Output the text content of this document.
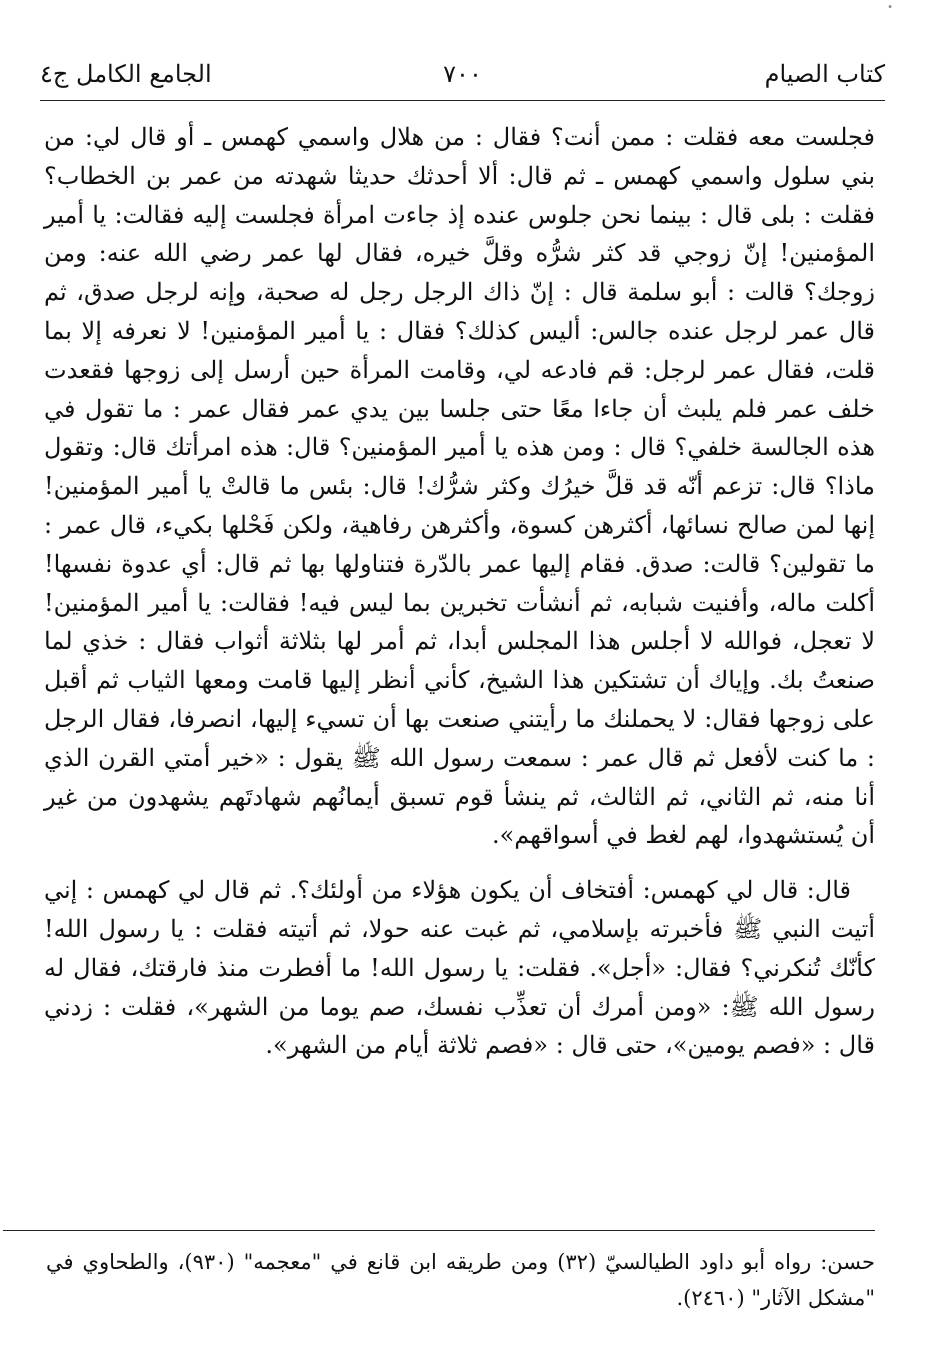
•
كتاب الصيام
٧٠٠
الجامع الكامل ج٤

فجلست معه فقلت : ممن أنت؟ فقال : من هلال واسمي كهمس ـ أو قال لي: من بني سلول واسمي كهمس ـ ثم قال: ألا أحدثك حديثا شهدته من عمر بن الخطاب؟ فقلت : بلى قال : بينما نحن جلوس عنده إذ جاءت امرأة فجلست إليه فقالت: يا أمير المؤمنين! إنّ زوجي قد كثر شرُّه وقلَّ خيره، فقال لها عمر رضي الله عنه: ومن زوجك؟ قالت : أبو سلمة قال : إنّ ذاك الرجل رجل له صحبة، وإنه لرجل صدق، ثم قال عمر لرجل عنده جالس: أليس كذلك؟ فقال : يا أمير المؤمنين! لا نعرفه إلا بما قلت، فقال عمر لرجل: قم فادعه لي، وقامت المرأة حين أرسل إلى زوجها فقعدت خلف عمر فلم يلبث أن جاءا معًا حتى جلسا بين يدي عمر فقال عمر : ما تقول في هذه الجالسة خلفي؟ قال : ومن هذه يا أمير المؤمنين؟ قال: هذه امرأتك قال: وتقول ماذا؟ قال: تزعم أنّه قد قلَّ خيرُك وكثر شرُّك! قال: بئس ما قالتْ يا أمير المؤمنين! إنها لمن صالح نسائها، أكثرهن كسوة، وأكثرهن رفاهية، ولكن فَحْلها بكيء، قال عمر : ما تقولين؟ قالت: صدق. فقام إليها عمر بالدّرة فتناولها بها ثم قال: أي عدوة نفسها! أكلت ماله، وأفنيت شبابه، ثم أنشأت تخبرين بما ليس فيه! فقالت: يا أمير المؤمنين! لا تعجل، فوالله لا أجلس هذا المجلس أبدا، ثم أمر لها بثلاثة أثواب فقال : خذي لما صنعتُ بك. وإياك أن تشتكين هذا الشيخ، كأني أنظر إليها قامت ومعها الثياب ثم أقبل على زوجها فقال: لا يحملنك ما رأيتني صنعت بها أن تسيء إليها، انصرفا، فقال الرجل : ما كنت لأفعل ثم قال عمر : سمعت رسول الله ﷺ يقول : «خير أمتي القرن الذي أنا منه، ثم الثاني، ثم الثالث، ثم ينشأ قوم تسبق أيمانُهم شهادتَهم يشهدون من غير أن يُستشهدوا، لهم لغط في أسواقهم».

قال: قال لي كهمس: أفتخاف أن يكون هؤلاء من أولئك؟. ثم قال لي كهمس : إني أتيت النبي ﷺ فأخبرته بإسلامي، ثم غبت عنه حولا، ثم أتيته فقلت : يا رسول الله! كأنّك تُنكرني؟ فقال: «أجل». فقلت: يا رسول الله! ما أفطرت منذ فارقتك، فقال له رسول الله ﷺ: «ومن أمرك أن تعذِّب نفسك، صم يوما من الشهر»، فقلت : زدني قال : «فصم يومين»، حتى قال : «فصم ثلاثة أيام من الشهر».

حسن: رواه أبو داود الطيالسيّ (٣٢) ومن طريقه ابن قانع في "معجمه" (٩٣٠)، والطحاوي في "مشكل الآثار" (٢٤٦٠).
